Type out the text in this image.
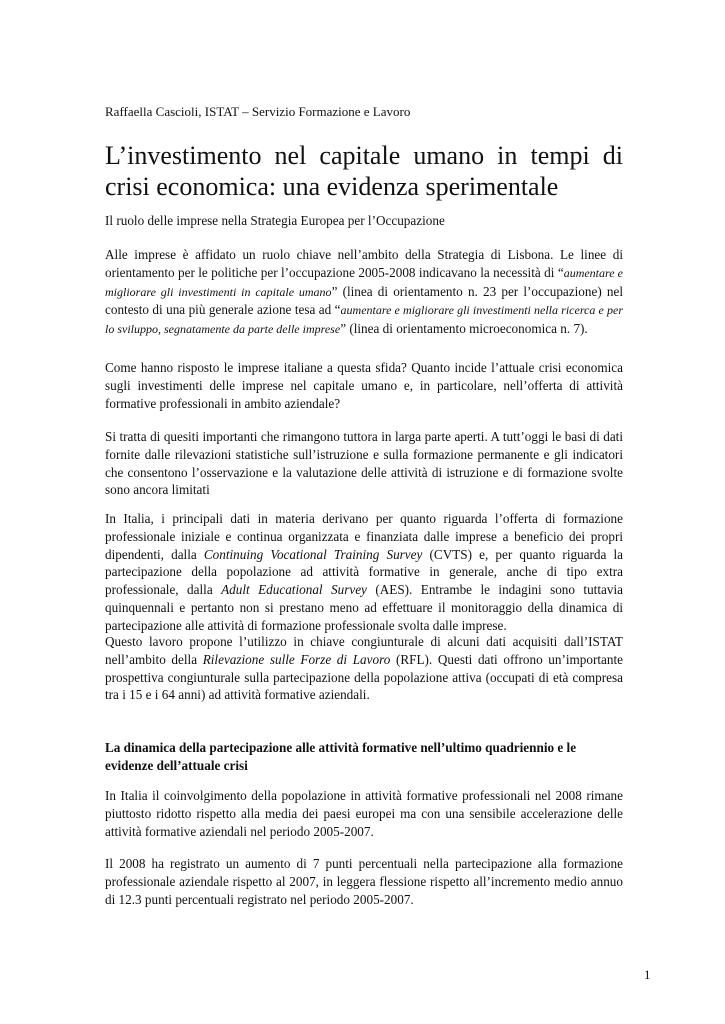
Raffaella Cascioli, ISTAT – Servizio Formazione e Lavoro
L’investimento nel capitale umano in tempi di crisi economica: una evidenza sperimentale
Il ruolo delle imprese nella Strategia Europea per l’Occupazione

Alle imprese è affidato un ruolo chiave nell’ambito della Strategia di Lisbona. Le linee di orientamento per le politiche per l’occupazione 2005-2008 indicavano la necessità di “aumentare e migliorare gli investimenti in capitale umano” (linea di orientamento n. 23 per l’occupazione) nel contesto di una più generale azione tesa ad “aumentare e migliorare gli investimenti nella ricerca e per lo sviluppo, segnatamente da parte delle imprese” (linea di orientamento microeconomica n. 7).

Come hanno risposto le imprese italiane a questa sfida? Quanto incide l’attuale crisi economica sugli investimenti delle imprese nel capitale umano e, in particolare, nell’offerta di attività formative professionali in ambito aziendale?

Si tratta di quesiti importanti che rimangono tuttora in larga parte aperti. A tutt’oggi le basi di dati fornite dalle rilevazioni statistiche sull’istruzione e sulla formazione permanente e gli indicatori che consentono l’osservazione e la valutazione delle attività di istruzione e di formazione svolte sono ancora limitati

In Italia, i principali dati in materia derivano per quanto riguarda l’offerta di formazione professionale iniziale e continua organizzata e finanziata dalle imprese a beneficio dei propri dipendenti, dalla Continuing Vocational Training Survey (CVTS) e, per quanto riguarda la partecipazione della popolazione ad attività formative in generale, anche di tipo extra professionale, dalla Adult Educational Survey (AES). Entrambe le indagini sono tuttavia quinquennali e pertanto non si prestano meno ad effettuare il monitoraggio della dinamica di partecipazione alle attività di formazione professionale svolta dalle imprese.

Questo lavoro propone l’utilizzo in chiave congiunturale di alcuni dati acquisiti dall’ISTAT nell’ambito della Rilevazione sulle Forze di Lavoro (RFL). Questi dati offrono un’importante prospettiva congiunturale sulla partecipazione della popolazione attiva (occupati di età compresa tra i 15 e i 64 anni) ad attività formative aziendali.

La dinamica della partecipazione alle attività formative nell’ultimo quadriennio e le evidenze dell’attuale crisi

In Italia il coinvolgimento della popolazione in attività formative professionali nel 2008 rimane piuttosto ridotto rispetto alla media dei paesi europei ma con una sensibile accelerazione delle attività formative aziendali nel periodo 2005-2007.

Il 2008 ha registrato un aumento di 7 punti percentuali nella partecipazione alla formazione professionale aziendale rispetto al 2007, in leggera flessione rispetto all’incremento medio annuo di 12.3 punti percentuali registrato nel periodo 2005-2007.

1
